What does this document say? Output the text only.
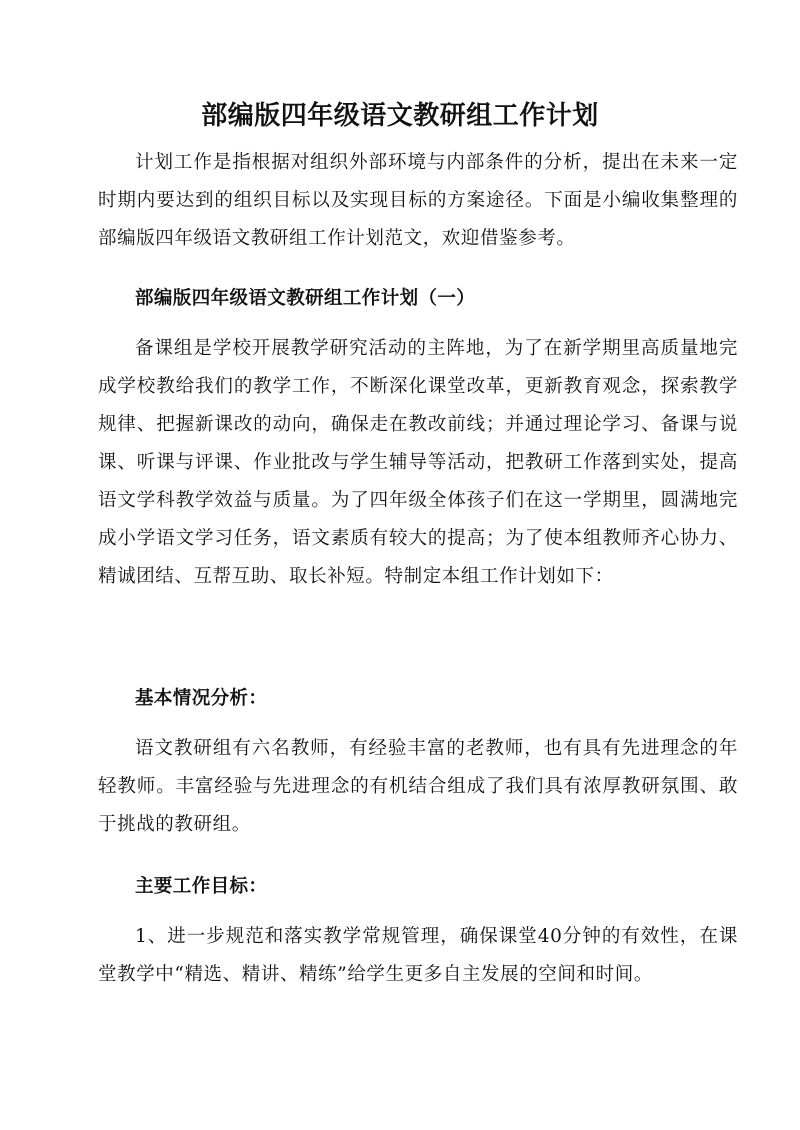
部编版四年级语文教研组工作计划

计划工作是指根据对组织外部环境与内部条件的分析，提出在未来一定时期内要达到的组织目标以及实现目标的方案途径。下面是小编收集整理的部编版四年级语文教研组工作计划范文，欢迎借鉴参考。

部编版四年级语文教研组工作计划（一）

备课组是学校开展教学研究活动的主阵地，为了在新学期里高质量地完成学校教给我们的教学工作，不断深化课堂改革，更新教育观念，探索教学规律、把握新课改的动向，确保走在教改前线；并通过理论学习、备课与说课、听课与评课、作业批改与学生辅导等活动，把教研工作落到实处，提高语文学科教学效益与质量。为了四年级全体孩子们在这一学期里，圆满地完成小学语文学习任务，语文素质有较大的提高；为了使本组教师齐心协力、精诚团结、互帮互助、取长补短。特制定本组工作计划如下：

基本情况分析：

语文教研组有六名教师，有经验丰富的老教师，也有具有先进理念的年轻教师。丰富经验与先进理念的有机结合组成了我们具有浓厚教研氛围、敢于挑战的教研组。

主要工作目标：

1、进一步规范和落实教学常规管理，确保课堂40分钟的有效性，在课堂教学中“精选、精讲、精练”给学生更多自主发展的空间和时间。
